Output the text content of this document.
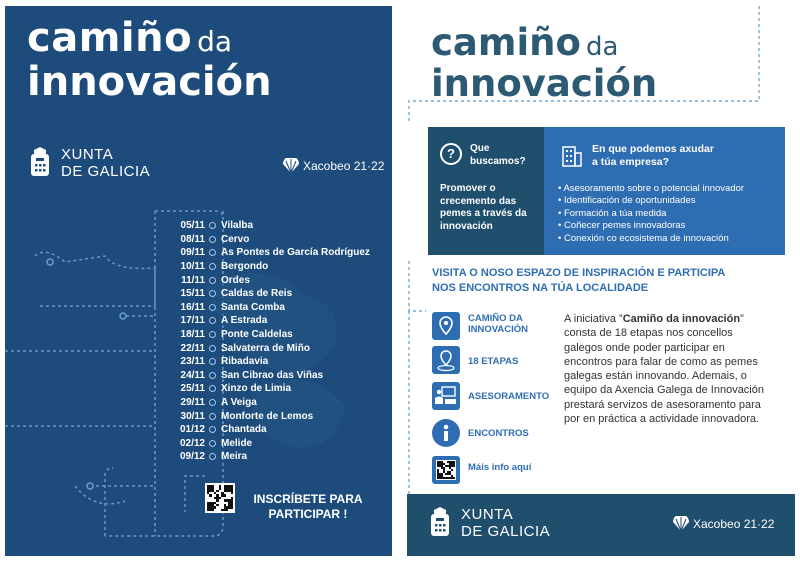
camiño da
innovación
XUNTA
DE GALICIA	Xacobeo 21·22
05/11 Vilalba
08/11 Cervo
09/11 As Pontes de García Rodríguez
10/11 Bergondo
11/11 Ordes
15/11 Caldas de Reis
16/11 Santa Comba
17/11 A Estrada
18/11 Ponte Caldelas
22/11 Salvaterra de Miño
23/11 Ribadavia
24/11 San Cibrao das Viñas
25/11 Xinzo de Limia
29/11 A Veiga
30/11 Monforte de Lemos
01/12 Chantada
02/12 Melide
09/12 Meira
INSCRÍBETE PARA
PARTICIPAR !
camiño da
innovación
?	Que
buscamos?
Promover o crecemento das pemes a través da innovación
En que podemos axudar
a túa empresa?
• Asesoramento sobre o potencial innovador
• Identificación de oportunidades
• Formación a túa medida
• Coñecer pemes innovadoras
• Conexión co ecosistema de innovación
VISITA O NOSO ESPAZO DE INSPIRACIÓN E PARTICIPA
NOS ENCONTROS NA TÚA LOCALIDADE
CAMIÑO DA
INNOVACIÓN
18 ETAPAS
ASESORAMENTO
ENCONTROS
Máis info aquí
A iniciativa ”Camiño da innovación” consta de 18 etapas nos concellos galegos onde poder participar en encontros para falar de como as pemes galegas están innovando. Ademais, o equipo da Axencia Galega de Innovación prestará servizos de asesoramento para por en práctica a actividade innovadora.
XUNTA
DE GALICIA	Xacobeo 21·22
